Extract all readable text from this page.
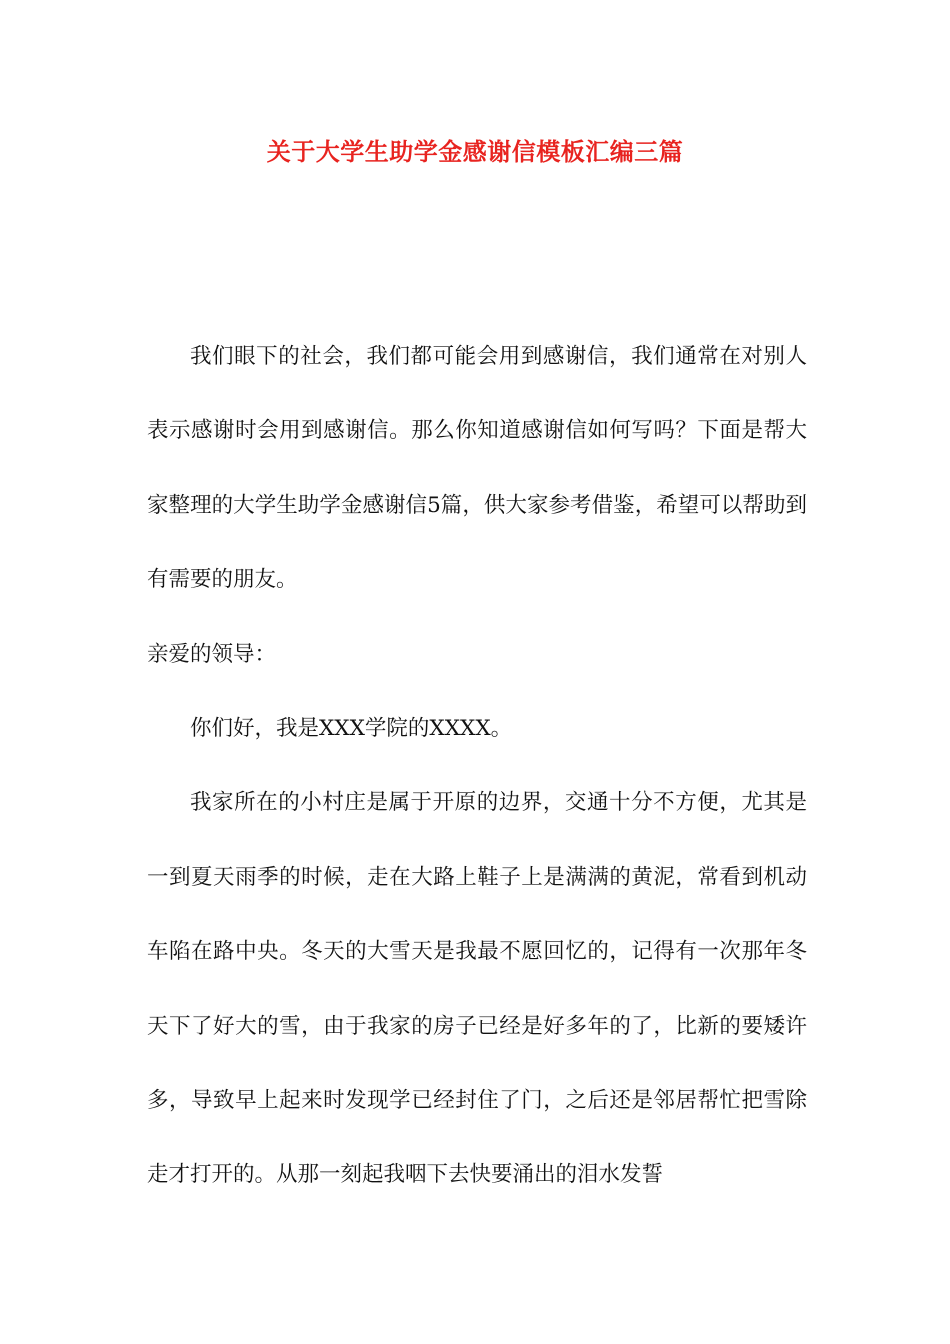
关于大学生助学金感谢信模板汇编三篇

我们眼下的社会，我们都可能会用到感谢信，我们通常在对别人表示感谢时会用到感谢信。那么你知道感谢信如何写吗？下面是帮大家整理的大学生助学金感谢信5篇，供大家参考借鉴，希望可以帮助到有需要的朋友。

亲爱的领导：

你们好，我是XXX学院的XXXX。

我家所在的小村庄是属于开原的边界，交通十分不方便，尤其是一到夏天雨季的时候，走在大路上鞋子上是满满的黄泥，常看到机动车陷在路中央。冬天的大雪天是我最不愿回忆的，记得有一次那年冬天下了好大的雪，由于我家的房子已经是好多年的了，比新的要矮许多，导致早上起来时发现学已经封住了门，之后还是邻居帮忙把雪除走才打开的。从那一刻起我咽下去快要涌出的泪水发誓
